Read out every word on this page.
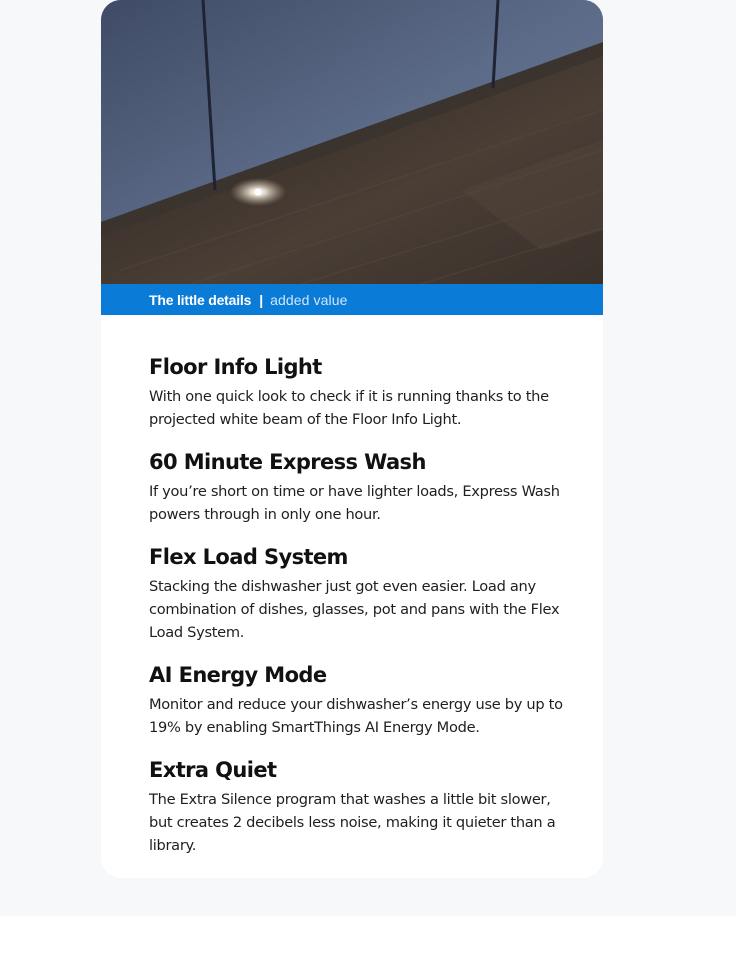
The little details | added value
Floor Info Light

With one quick look to check if it is running thanks to the projected white beam of the Floor Info Light.

60 Minute Express Wash

If you’re short on time or have lighter loads, Express Wash powers through in only one hour.

Flex Load System

Stacking the dishwasher just got even easier. Load any combination of dishes, glasses, pot and pans with the Flex Load System.

AI Energy Mode

Monitor and reduce your dishwasher’s energy use by up to 19% by enabling SmartThings AI Energy Mode.

Extra Quiet

The Extra Silence program that washes a little bit slower, but creates 2 decibels less noise, making it quieter than a library.
